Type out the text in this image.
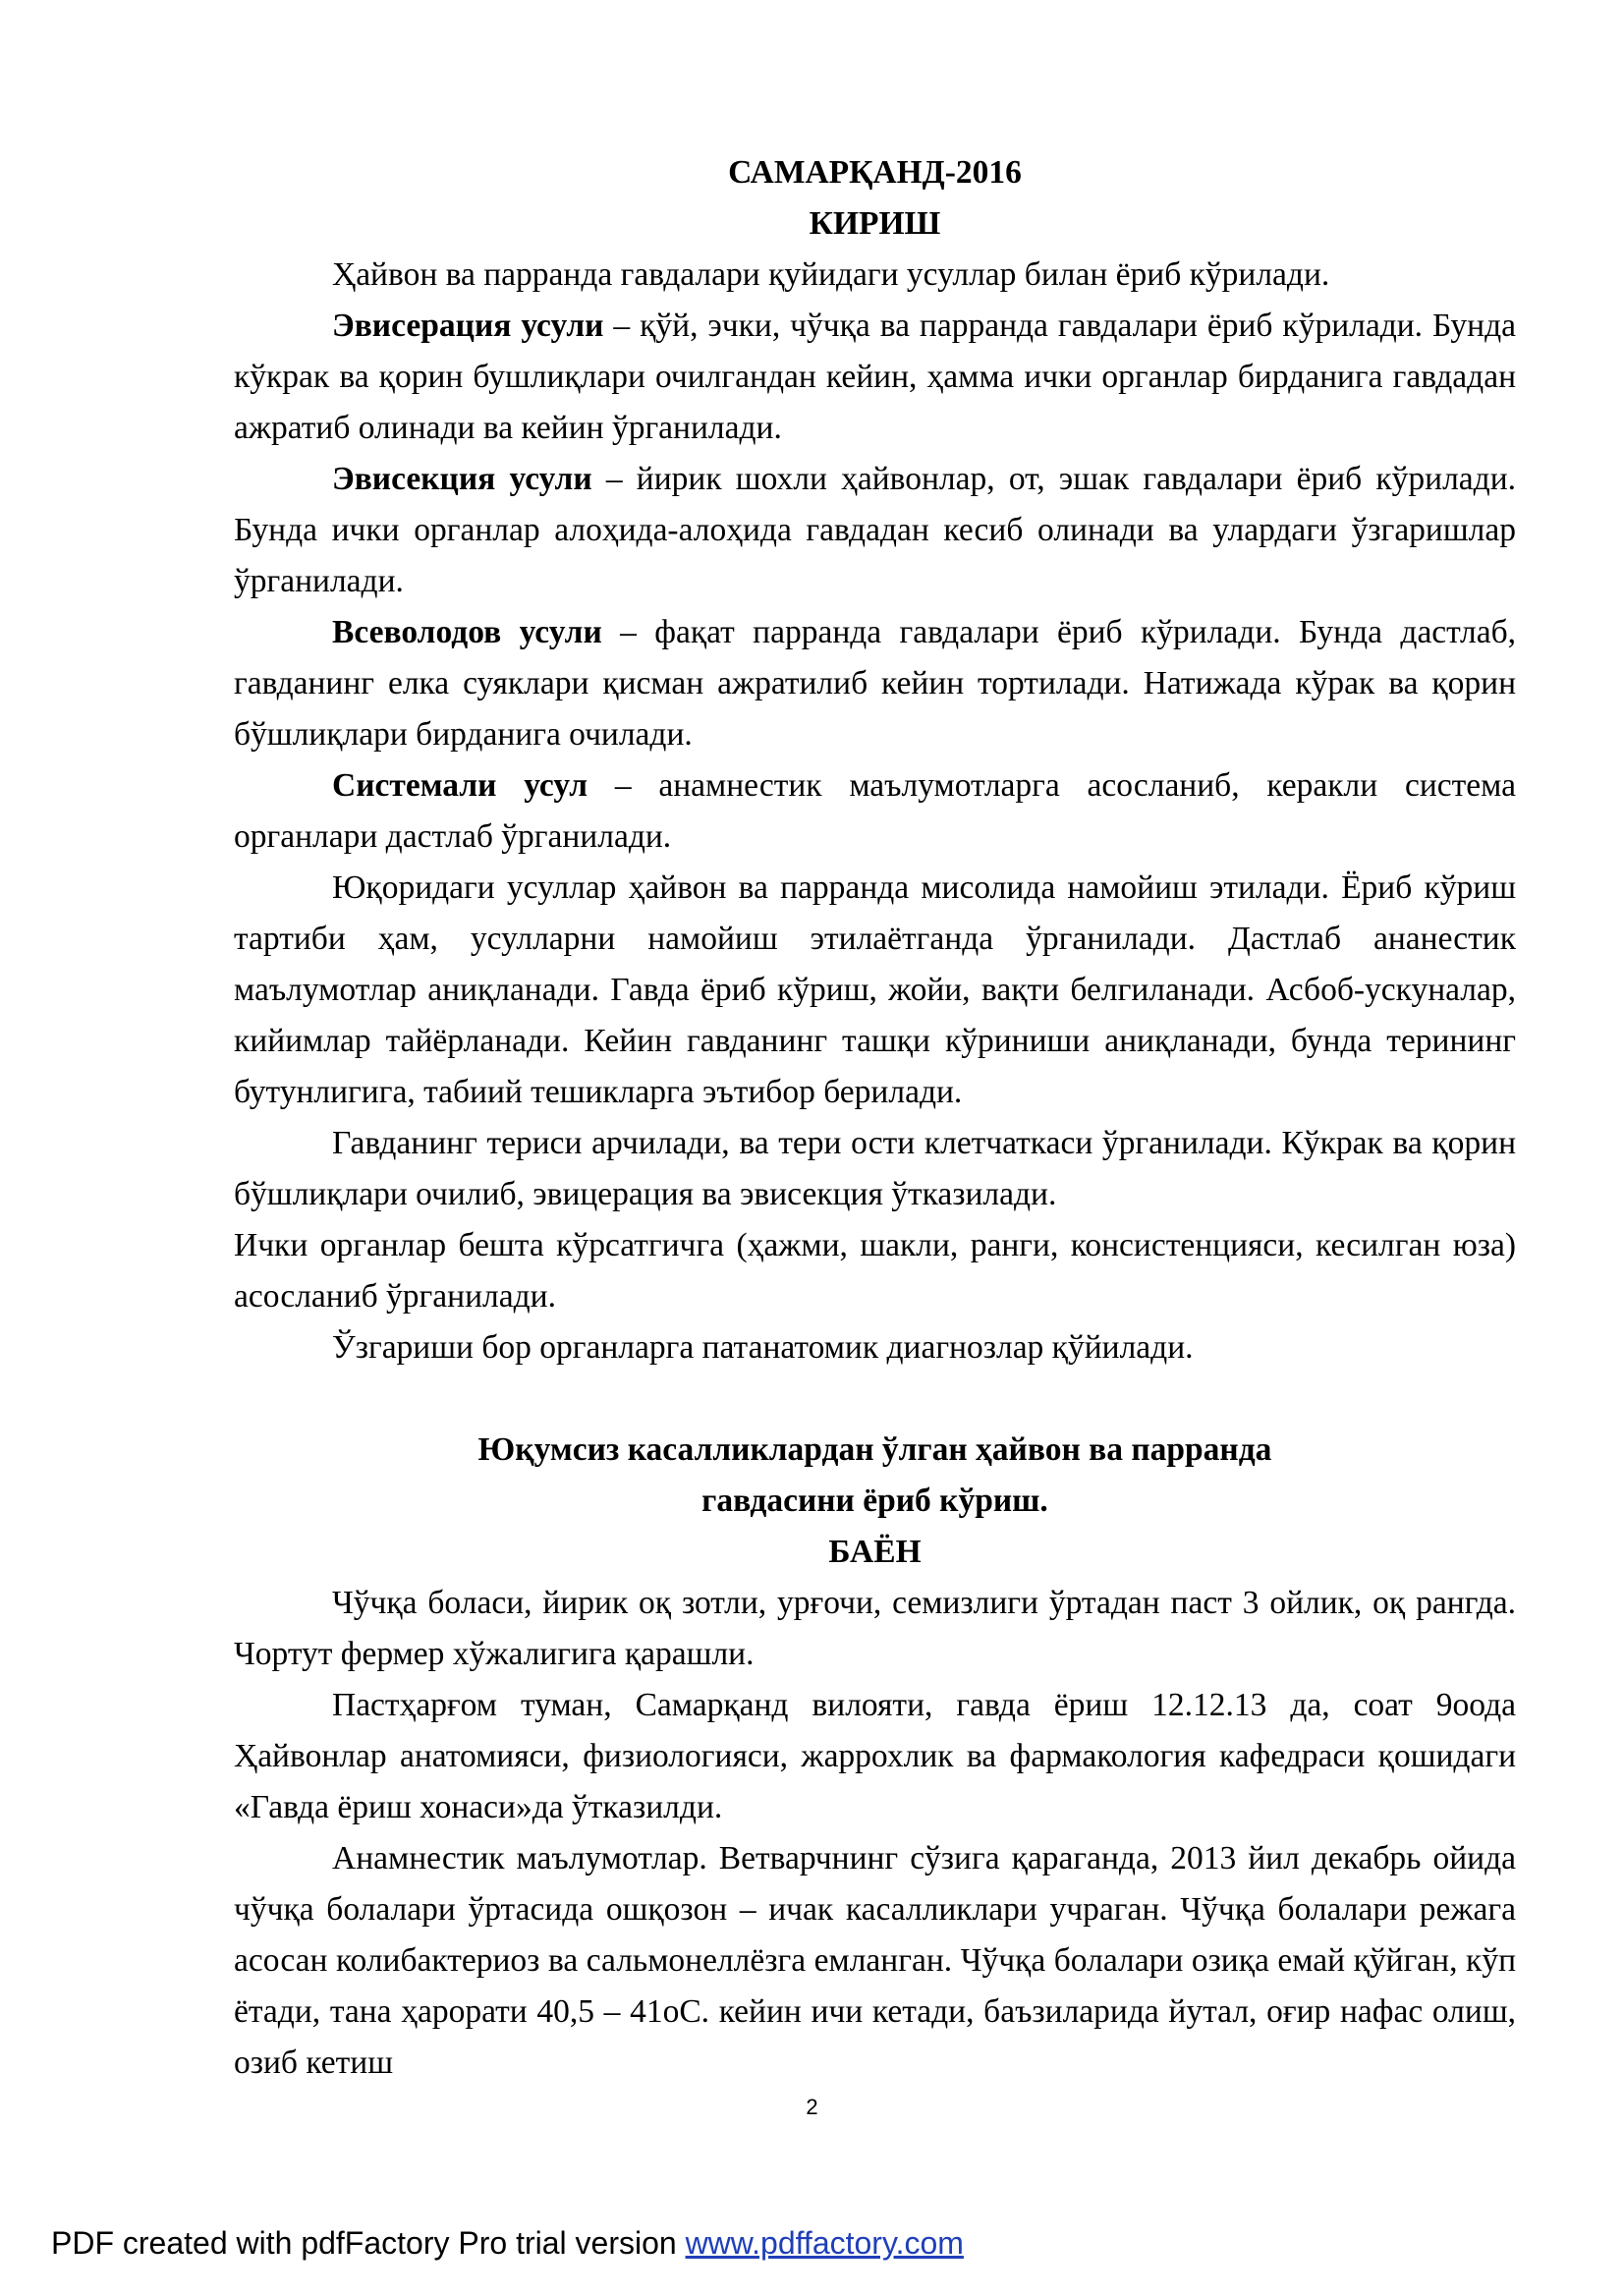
САМАРҚАНД-2016

КИРИШ

Ҳайвон ва парранда гавдалари қуйидаги усуллар билан ёриб кўрилади.

Эвисерация усули – қўй, эчки, чўчқа ва парранда гавдалари ёриб кўрилади. Бунда кўкрак ва қорин бушлиқлари очилгандан кейин, ҳамма ички органлар бирданига гавдадан ажратиб олинади ва кейин ўрганилади.

Эвисекция усули – йирик шохли ҳайвонлар, от, эшак гавдалари ёриб кўрилади. Бунда ички органлар алоҳида-алоҳида гавдадан кесиб олинади ва улардаги ўзгаришлар ўрганилади.

Всеволодов усули – фақат парранда гавдалари ёриб кўрилади. Бунда дастлаб, гавданинг елка суяклари қисман ажратилиб кейин тортилади. Натижада кўрак ва қорин бўшлиқлари бирданига очилади.

Системали усул – анамнестик маълумотларга асосланиб, керакли система органлари дастлаб ўрганилади.

Юқоридаги усуллар ҳайвон ва парранда мисолида намойиш этилади. Ёриб кўриш тартиби ҳам, усулларни намойиш этилаётганда ўрганилади. Дастлаб ананестик маълумотлар аниқланади. Гавда ёриб кўриш, жойи, вақти белгиланади. Асбоб-ускуналар, кийимлар тайёрланади. Кейин гавданинг ташқи кўриниши аниқланади, бунда терининг бутунлигига, табиий тешикларга эътибор берилади.

Гавданинг териси арчилади, ва тери ости клетчаткаси ўрганилади. Кўкрак ва қорин бўшлиқлари очилиб, эвицерация ва эвисекция ўтказилади.

Ички органлар бешта кўрсатгичга (ҳажми, шакли, ранги, консистенцияси, кесилган юза) асосланиб ўрганилади.

Ўзгариши бор органларга патанатомик диагнозлар қўйилади.

Юқумсиз касалликлардан ўлган ҳайвон ва парранда

гавдасини ёриб кўриш.

БАЁН

Чўчқа боласи, йирик оқ зотли, урғочи, семизлиги ўртадан паст 3 ойлик, оқ рангда. Чортут фермер хўжалигига қарашли.

Пастҳарғом туман, Самарқанд вилояти, гавда ёриш 12.12.13 да, соат 9оода Ҳайвонлар анатомияси, физиологияси, жаррохлик ва фармакология кафедраси қошидаги «Гавда ёриш хонаси»да ўтказилди.

Анамнестик маълумотлар. Ветварчнинг сўзига қараганда, 2013 йил декабрь ойида чўчқа болалари ўртасида ошқозон – ичак касалликлари учраган. Чўчқа болалари режага асосан колибактериоз ва сальмонеллёзга емланган. Чўчқа болалари озиқа емай қўйган, кўп ётади, тана ҳарорати 40,5 – 41оС. кейин ичи кетади, баъзиларида йутал, оғир нафас олиш, озиб кетиш

2
PDF created with pdfFactory Pro trial version www.pdffactory.com
